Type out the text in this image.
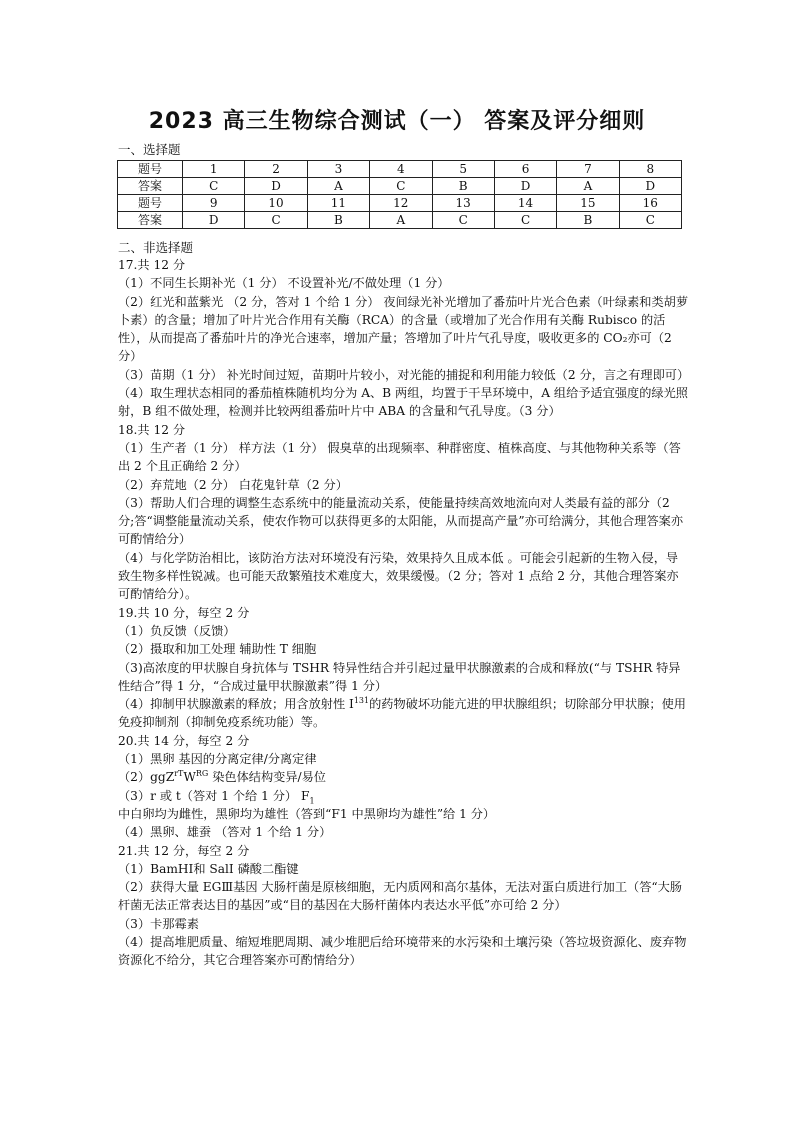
2023 高三生物综合测试（一） 答案及评分细则
一、选择题
题号	1	2	3	4	5	6	7	8
答案	C	D	A	C	B	D	A	D
题号	9	10	11	12	13	14	15	16
答案	D	C	B	A	C	C	B	C
二、非选择题

17.共 12 分

（1）不同生长期补光（1 分） 不设置补光/不做处理（1 分）

（2）红光和蓝紫光 （2 分，答对 1 个给 1 分） 夜间绿光补光增加了番茄叶片光合色素（叶绿素和类胡萝卜素）的含量；增加了叶片光合作用有关酶（RCA）的含量（或增加了光合作用有关酶 Rubisco 的活性），从而提高了番茄叶片的净光合速率，增加产量；答增加了叶片气孔导度，吸收更多的 CO₂亦可（2 分）

（3）苗期（1 分） 补光时间过短，苗期叶片较小，对光能的捕捉和利用能力较低（2 分，言之有理即可）

（4）取生理状态相同的番茄植株随机均分为 A、B 两组，均置于干旱环境中，A 组给予适宜强度的绿光照射，B 组不做处理，检测并比较两组番茄叶片中 ABA 的含量和气孔导度。（3 分）

18.共 12 分

（1）生产者（1 分） 样方法（1 分） 假臭草的出现频率、种群密度、植株高度、与其他物种关系等（答出 2 个且正确给 2 分）

（2）弃荒地（2 分） 白花鬼针草（2 分）

（3）帮助人们合理的调整生态系统中的能量流动关系，使能量持续高效地流向对人类最有益的部分（2 分;答“调整能量流动关系，使农作物可以获得更多的太阳能，从而提高产量”亦可给满分，其他合理答案亦可酌情给分）

（4）与化学防治相比，该防治方法对环境没有污染，效果持久且成本低 。可能会引起新的生物入侵，导致生物多样性锐减。也可能天敌繁殖技术难度大，效果缓慢。（2 分；答对 1 点给 2 分，其他合理答案亦可酌情给分）。

19.共 10 分，每空 2 分

（1）负反馈（反馈）

（2）摄取和加工处理 辅助性 T 细胞

（3)高浓度的甲状腺自身抗体与 TSHR 特异性结合并引起过量甲状腺激素的合成和释放(“与 TSHR 特异性结合”得 1 分，“合成过量甲状腺激素”得 1 分）

（4）抑制甲状腺激素的释放；用含放射性 $I^{131}$的药物破坏功能亢进的甲状腺组织；切除部分甲状腺；使用免疫抑制剂（抑制免疫系统功能）等。

20.共 14 分，每空 2 分

（1）黑卵 基因的分离定律/分离定律

$(2)ggZ^{rT}W^{RG}$ 染色体结构变异/易位

（3）r 或 t（答对 1 个给 1 分） $F_1$中白卵均为雌性，黑卵均为雄性（答到“F1 中黑卵均为雄性”给 1 分）

（4）黑卵、雄蚕 （答对 1 个给 1 分）

21.共 12 分，每空 2 分

（1）BamHⅠ和 SalⅠ 磷酸二酯键

（2）获得大量 EGⅢ基因 大肠杆菌是原核细胞，无内质网和高尔基体，无法对蛋白质进行加工（答“大肠杆菌无法正常表达目的基因”或“目的基因在大肠杆菌体内表达水平低”亦可给 2 分）

（3）卡那霉素

（4）提高堆肥质量、缩短堆肥周期、减少堆肥后给环境带来的水污染和土壤污染（答垃圾资源化、废弃物资源化不给分，其它合理答案亦可酌情给分）
